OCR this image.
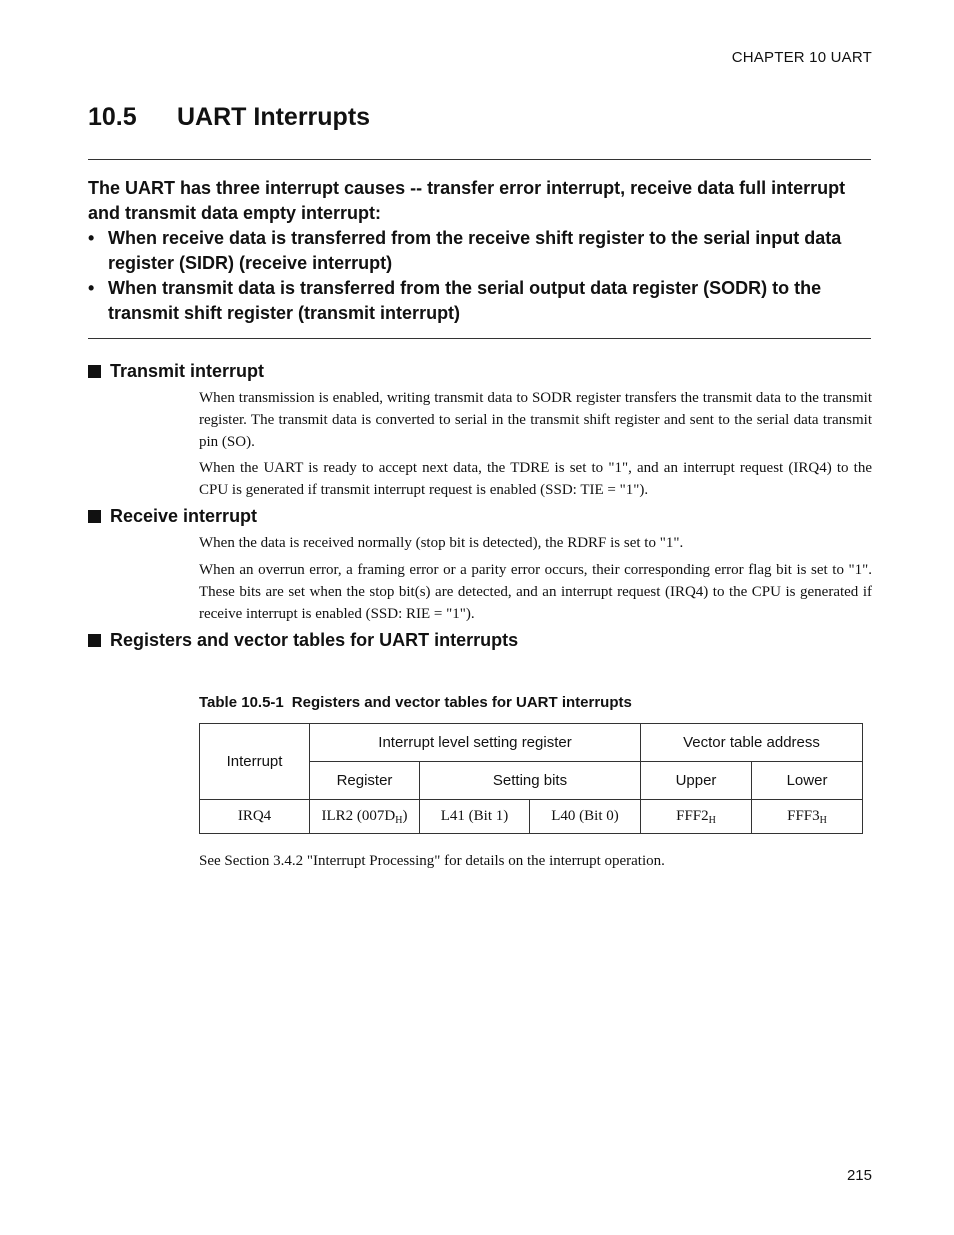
CHAPTER 10 UART
10.5 UART Interrupts

The UART has three interrupt causes -- transfer error interrupt, receive data full interrupt and transmit data empty interrupt:

• When receive data is transferred from the receive shift register to the serial input data register (SIDR) (receive interrupt)

• When transmit data is transferred from the serial output data register (SODR) to the transmit shift register (transmit interrupt)

Transmit interrupt

When transmission is enabled, writing transmit data to SODR register transfers the transmit data to the transmit register. The transmit data is converted to serial in the transmit shift register and sent to the serial data transmit pin (SO).

When the UART is ready to accept next data, the TDRE is set to "1", and an interrupt request (IRQ4) to the CPU is generated if transmit interrupt request is enabled (SSD: TIE = "1").

Receive interrupt

When the data is received normally (stop bit is detected), the RDRF is set to "1".

When an overrun error, a framing error or a parity error occurs, their corresponding error flag bit is set to "1". These bits are set when the stop bit(s) are detected, and an interrupt request (IRQ4) to the CPU is generated if receive interrupt is enabled (SSD: RIE = "1").

Registers and vector tables for UART interrupts
Table 10.5-1 Registers and vector tables for UART interrupts
Interrupt	Interrupt level setting register			Vector table address	
	Register	Setting bits		Upper	Lower
IRQ4	ILR2 $(007D_H)$	L41 (Bit 1)	L40 (Bit 0)	$FFF2_H$	$FFF3_H$
See Section 3.4.2 "Interrupt Processing" for details on the interrupt operation.
215
